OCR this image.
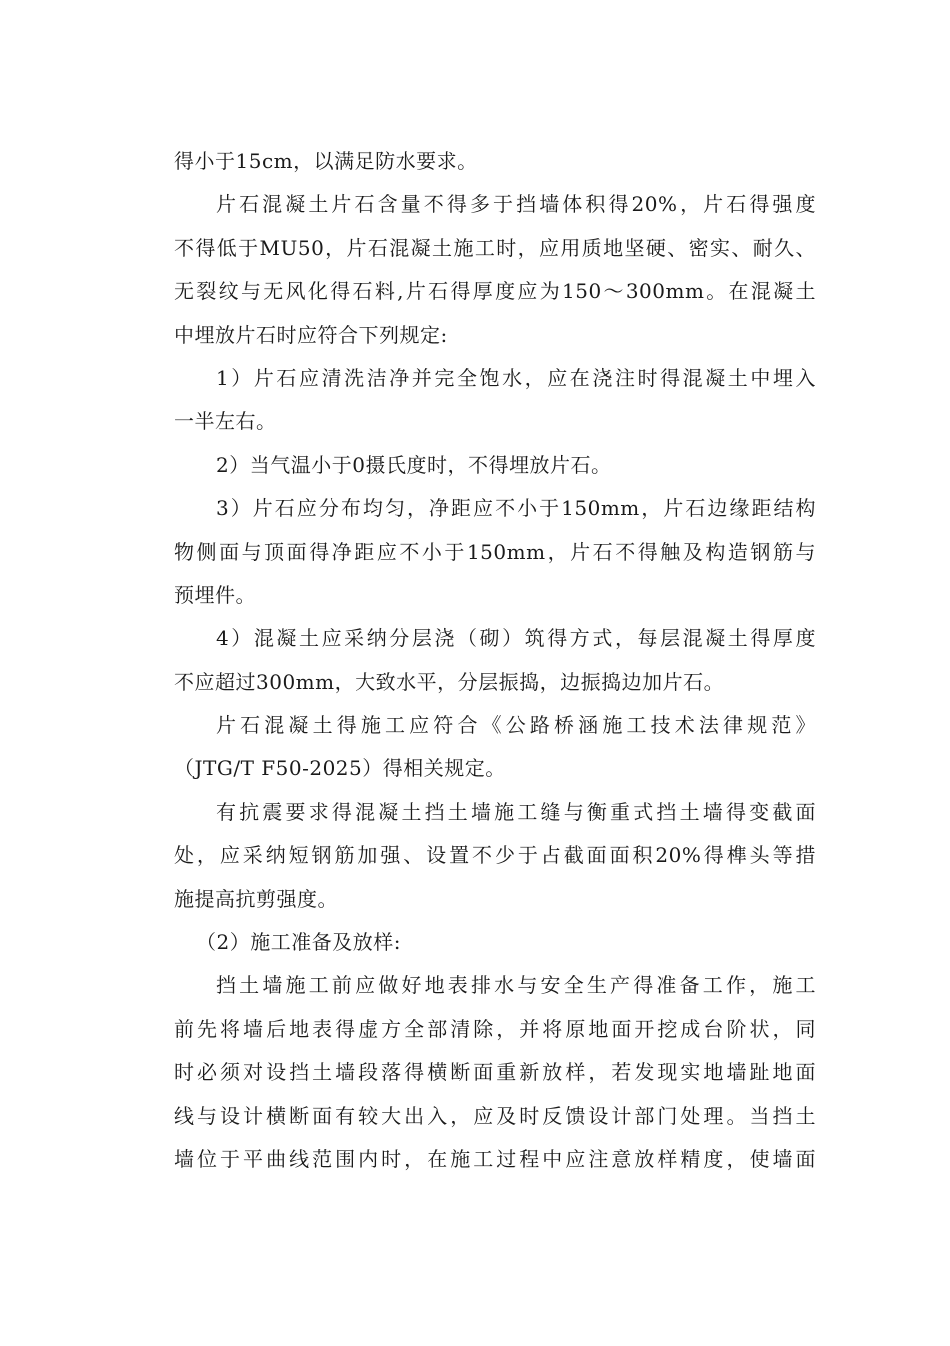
得小于15cm，以满足防水要求。
片石混凝土片石含量不得多于挡墙体积得20%，片石得强度
不得低于MU50，片石混凝土施工时，应用质地坚硬、密实、耐久、
无裂纹与无风化得石料,片石得厚度应为150～300mm。在混凝土
中埋放片石时应符合下列规定:
1）片石应清洗洁净并完全饱水，应在浇注时得混凝土中埋入
一半左右。
2）当气温小于0摄氏度时，不得埋放片石。
3）片石应分布均匀，净距应不小于150mm，片石边缘距结构
物侧面与顶面得净距应不小于150mm，片石不得触及构造钢筋与
预埋件。
4）混凝土应采纳分层浇（砌）筑得方式，每层混凝土得厚度
不应超过300mm，大致水平，分层振捣，边振捣边加片石。
片石混凝土得施工应符合《公路桥涵施工技术法律规范》
（JTG/T F50-2025）得相关规定。
有抗震要求得混凝土挡土墙施工缝与衡重式挡土墙得变截面
处，应采纳短钢筋加强、设置不少于占截面面积20%得榫头等措
施提高抗剪强度。
（2）施工准备及放样:
挡土墙施工前应做好地表排水与安全生产得准备工作，施工
前先将墙后地表得虚方全部清除，并将原地面开挖成台阶状，同
时必须对设挡土墙段落得横断面重新放样，若发现实地墙趾地面
线与设计横断面有较大出入，应及时反馈设计部门处理。当挡土
墙位于平曲线范围内时，在施工过程中应注意放样精度，使墙面
